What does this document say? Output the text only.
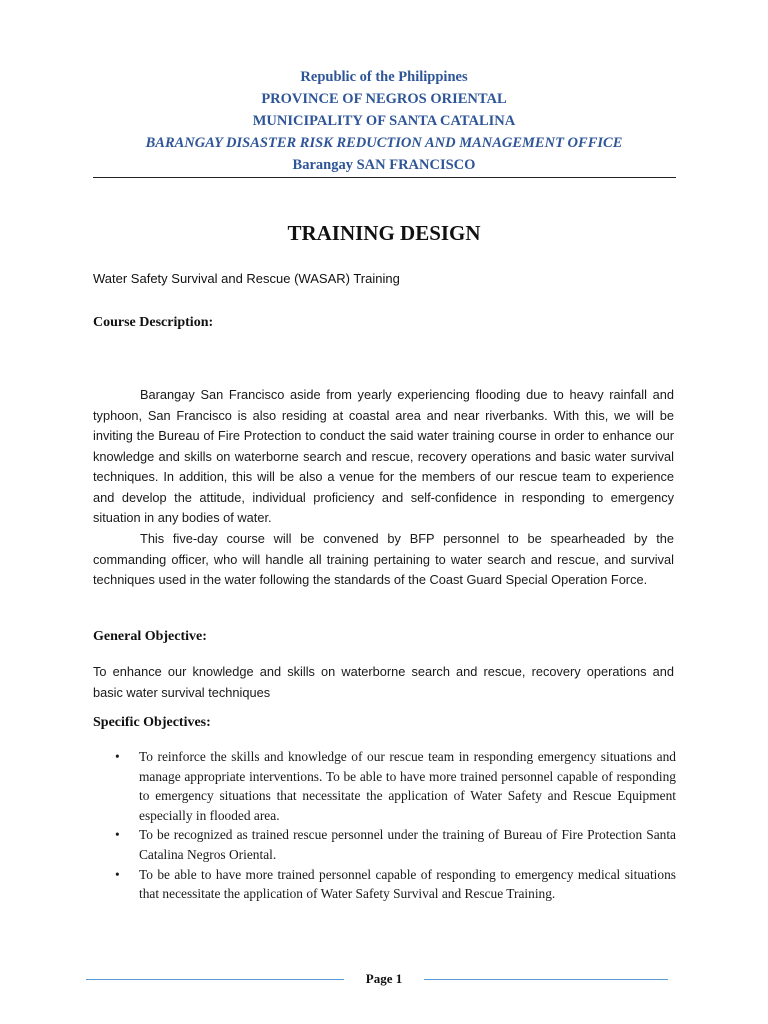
Republic of the Philippines
PROVINCE OF NEGROS ORIENTAL
MUNICIPALITY OF SANTA CATALINA
BARANGAY DISASTER RISK REDUCTION AND MANAGEMENT OFFICE
Barangay SAN FRANCISCO
TRAINING DESIGN
Water Safety Survival and Rescue (WASAR) Training
Course Description:

Barangay San Francisco aside from yearly experiencing flooding due to heavy rainfall and typhoon, San Francisco is also residing at coastal area and near riverbanks. With this, we will be inviting the Bureau of Fire Protection to conduct the said water training course in order to enhance our knowledge and skills on waterborne search and rescue, recovery operations and basic water survival techniques. In addition, this will be also a venue for the members of our rescue team to experience and develop the attitude, individual proficiency and self-confidence in responding to emergency situation in any bodies of water.

This five-day course will be convened by BFP personnel to be spearheaded by the commanding officer, who will handle all training pertaining to water search and rescue, and survival techniques used in the water following the standards of the Coast Guard Special Operation Force.

General Objective:

To enhance our knowledge and skills on waterborne search and rescue, recovery operations and basic water survival techniques

Specific Objectives:
• To reinforce the skills and knowledge of our rescue team in responding emergency situations and manage appropriate interventions. To be able to have more trained personnel capable of responding to emergency situations that necessitate the application of Water Safety and Rescue Equipment especially in flooded area.
• To be recognized as trained rescue personnel under the training of Bureau of Fire Protection Santa Catalina Negros Oriental.
• To be able to have more trained personnel capable of responding to emergency medical situations that necessitate the application of Water Safety Survival and Rescue Training.
Page 1
